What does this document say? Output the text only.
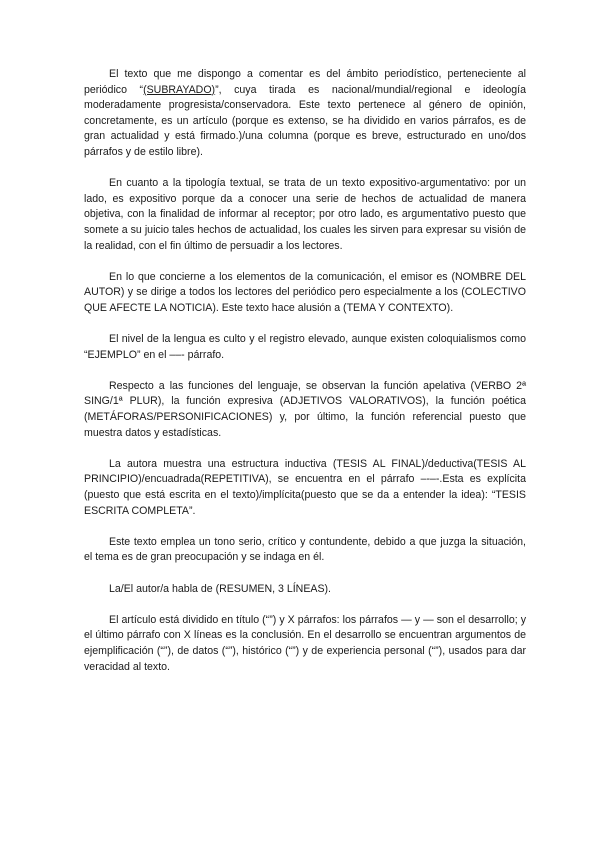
El texto que me dispongo a comentar es del ámbito periodístico, perteneciente al periódico “(SUBRAYADO)”, cuya tirada es nacional/mundial/regional e ideología moderadamente progresista/conservadora. Este texto pertenece al género de opinión, concretamente, es un artículo (porque es extenso, se ha dividido en varios párrafos, es de gran actualidad y está firmado.)/una columna (porque es breve, estructurado en uno/dos párrafos y de estilo libre).

En cuanto a la tipología textual, se trata de un texto expositivo-argumentativo: por un lado, es expositivo porque da a conocer una serie de hechos de actualidad de manera objetiva, con la finalidad de informar al receptor; por otro lado, es argumentativo puesto que somete a su juicio tales hechos de actualidad, los cuales les sirven para expresar su visión de la realidad, con el fin último de persuadir a los lectores.

En lo que concierne a los elementos de la comunicación, el emisor es (NOMBRE DEL AUTOR) y se dirige a todos los lectores del periódico pero especialmente a los (COLECTIVO QUE AFECTE LA NOTICIA). Este texto hace alusión a (TEMA Y CONTEXTO).

El nivel de la lengua es culto y el registro elevado, aunque existen coloquialismos como “EJEMPLO” en el ––- párrafo.

Respecto a las funciones del lenguaje, se observan la función apelativa (VERBO 2ª SING/1ª PLUR), la función expresiva (ADJETIVOS VALORATIVOS), la función poética (METÁFORAS/PERSONIFICACIONES) y, por último, la función referencial puesto que muestra datos y estadísticas.

La autora muestra una estructura inductiva (TESIS AL FINAL)/deductiva(TESIS AL PRINCIPIO)/encuadrada(REPETITIVA), se encuentra en el párrafo –-–-.Esta es explícita (puesto que está escrita en el texto)/implícita(puesto que se da a entender la idea): “TESIS ESCRITA COMPLETA”.

Este texto emplea un tono serio, crítico y contundente, debido a que juzga la situación, el tema es de gran preocupación y se indaga en él.

La/El autor/a habla de (RESUMEN, 3 LÍNEAS).

El artículo está dividido en título (“”) y X párrafos: los párrafos — y — son el desarrollo; y el último párrafo con X líneas es la conclusión. En el desarrollo se encuentran argumentos de ejemplificación (“”), de datos (“”), histórico (“”) y de experiencia personal (“”), usados para dar veracidad al texto.
